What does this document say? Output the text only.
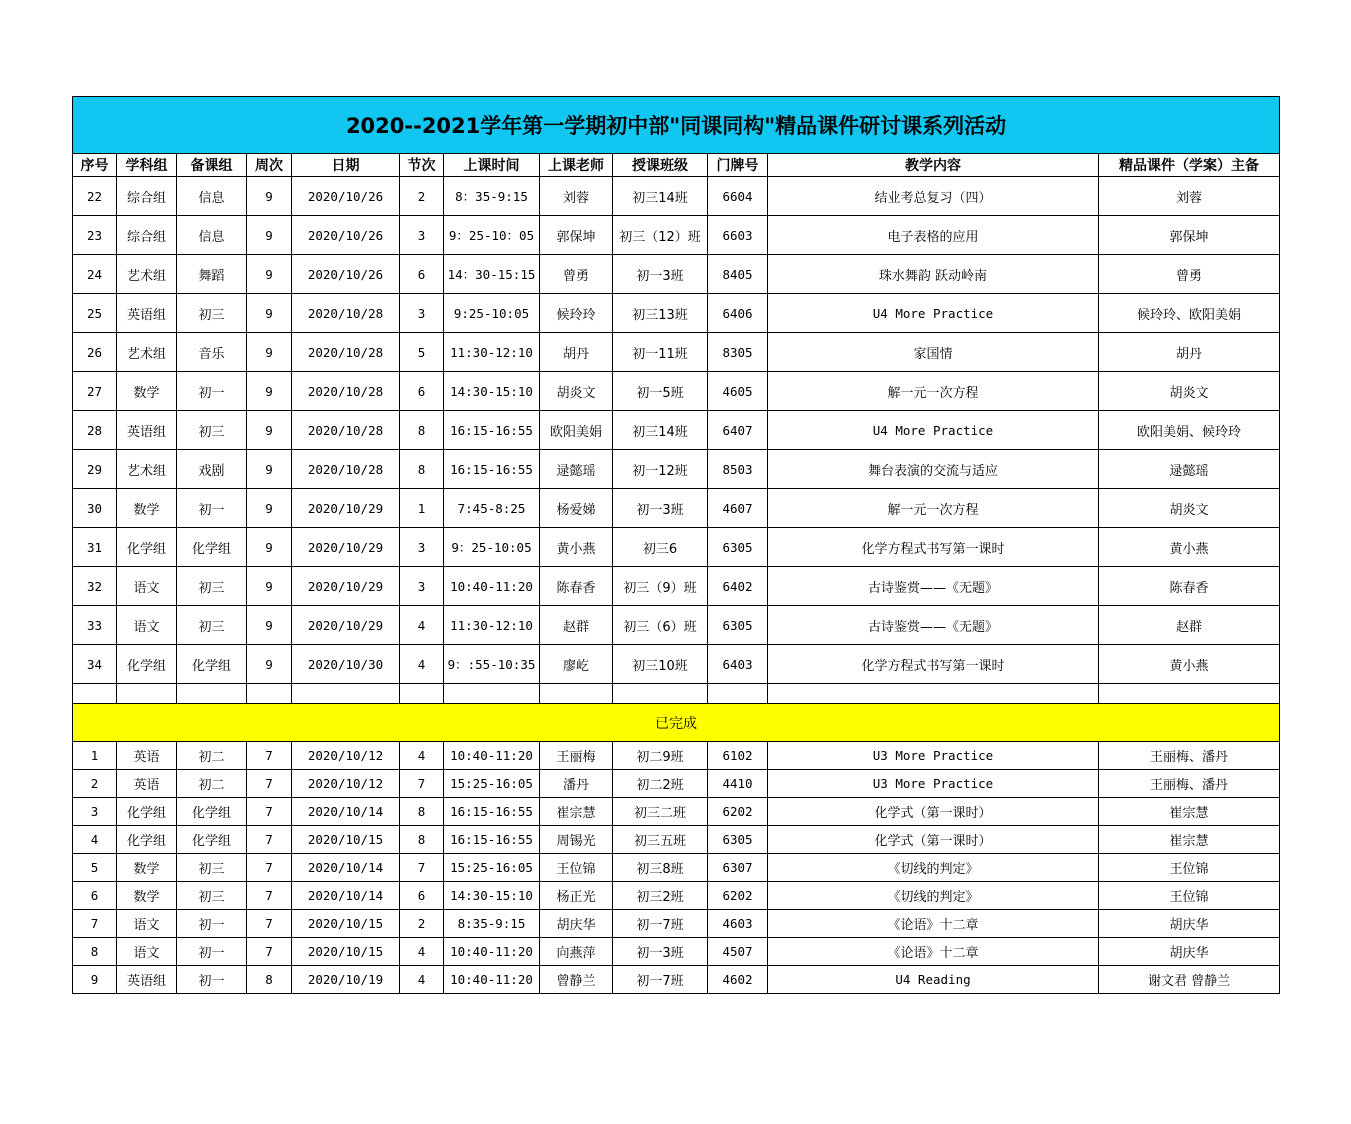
2020--2021学年第一学期初中部"同课同构"精品课件研讨课系列活动											
序号	学科组	备课组	周次	日期	节次	上课时间	上课老师	授课班级	门牌号	教学内容	精品课件（学案）主备
22	综合组	信息	9	2020/10/26	2	8：35-9:15	刘蓉	初三14班	6604	结业考总复习（四）	刘蓉
23	综合组	信息	9	2020/10/26	3	9：25-10：05	郭保坤	初三（12）班	6603	电子表格的应用	郭保坤
24	艺术组	舞蹈	9	2020/10/26	6	14：30-15:15	曾勇	初一3班	8405	珠水舞韵 跃动岭南	曾勇
25	英语组	初三	9	2020/10/28	3	9:25-10:05	候玲玲	初三13班	6406	U4 More Practice	候玲玲、欧阳美娟
26	艺术组	音乐	9	2020/10/28	5	11:30-12:10	胡丹	初一11班	8305	家国情	胡丹
27	数学	初一	9	2020/10/28	6	14:30-15:10	胡炎文	初一5班	4605	解一元一次方程	胡炎文
28	英语组	初三	9	2020/10/28	8	16:15-16:55	欧阳美娟	初三14班	6407	U4 More Practice	欧阳美娟、候玲玲
29	艺术组	戏剧	9	2020/10/28	8	16:15-16:55	逯懿瑶	初一12班	8503	舞台表演的交流与适应	逯懿瑶
30	数学	初一	9	2020/10/29	1	7:45-8:25	杨爱娣	初一3班	4607	解一元一次方程	胡炎文
31	化学组	化学组	9	2020/10/29	3	9：25-10:05	黄小燕	初三6	6305	化学方程式书写第一课时	黄小燕
32	语文	初三	9	2020/10/29	3	10:40-11:20	陈春香	初三（9）班	6402	古诗鉴赏——《无题》	陈春香
33	语文	初三	9	2020/10/29	4	11:30-12:10	赵群	初三（6）班	6305	古诗鉴赏——《无题》	赵群
34	化学组	化学组	9	2020/10/30	4	9：:55-10:35	廖屹	初三10班	6403	化学方程式书写第一课时	黄小燕

已完成											
1	英语	初二	7	2020/10/12	4	10:40-11:20	王丽梅	初二9班	6102	U3 More Practice	王丽梅、潘丹
2	英语	初二	7	2020/10/12	7	15:25-16:05	潘丹	初二2班	4410	U3 More Practice	王丽梅、潘丹
3	化学组	化学组	7	2020/10/14	8	16:15-16:55	崔宗慧	初三二班	6202	化学式（第一课时）	崔宗慧
4	化学组	化学组	7	2020/10/15	8	16:15-16:55	周锡光	初三五班	6305	化学式（第一课时）	崔宗慧
5	数学	初三	7	2020/10/14	7	15:25-16:05	王位锦	初三8班	6307	《切线的判定》	王位锦
6	数学	初三	7	2020/10/14	6	14:30-15:10	杨正光	初三2班	6202	《切线的判定》	王位锦
7	语文	初一	7	2020/10/15	2	8:35-9:15	胡庆华	初一7班	4603	《论语》十二章	胡庆华
8	语文	初一	7	2020/10/15	4	10:40-11:20	向燕萍	初一3班	4507	《论语》十二章	胡庆华
9	英语组	初一	8	2020/10/19	4	10:40-11:20	曾静兰	初一7班	4602	U4 Reading	谢文君 曾静兰
